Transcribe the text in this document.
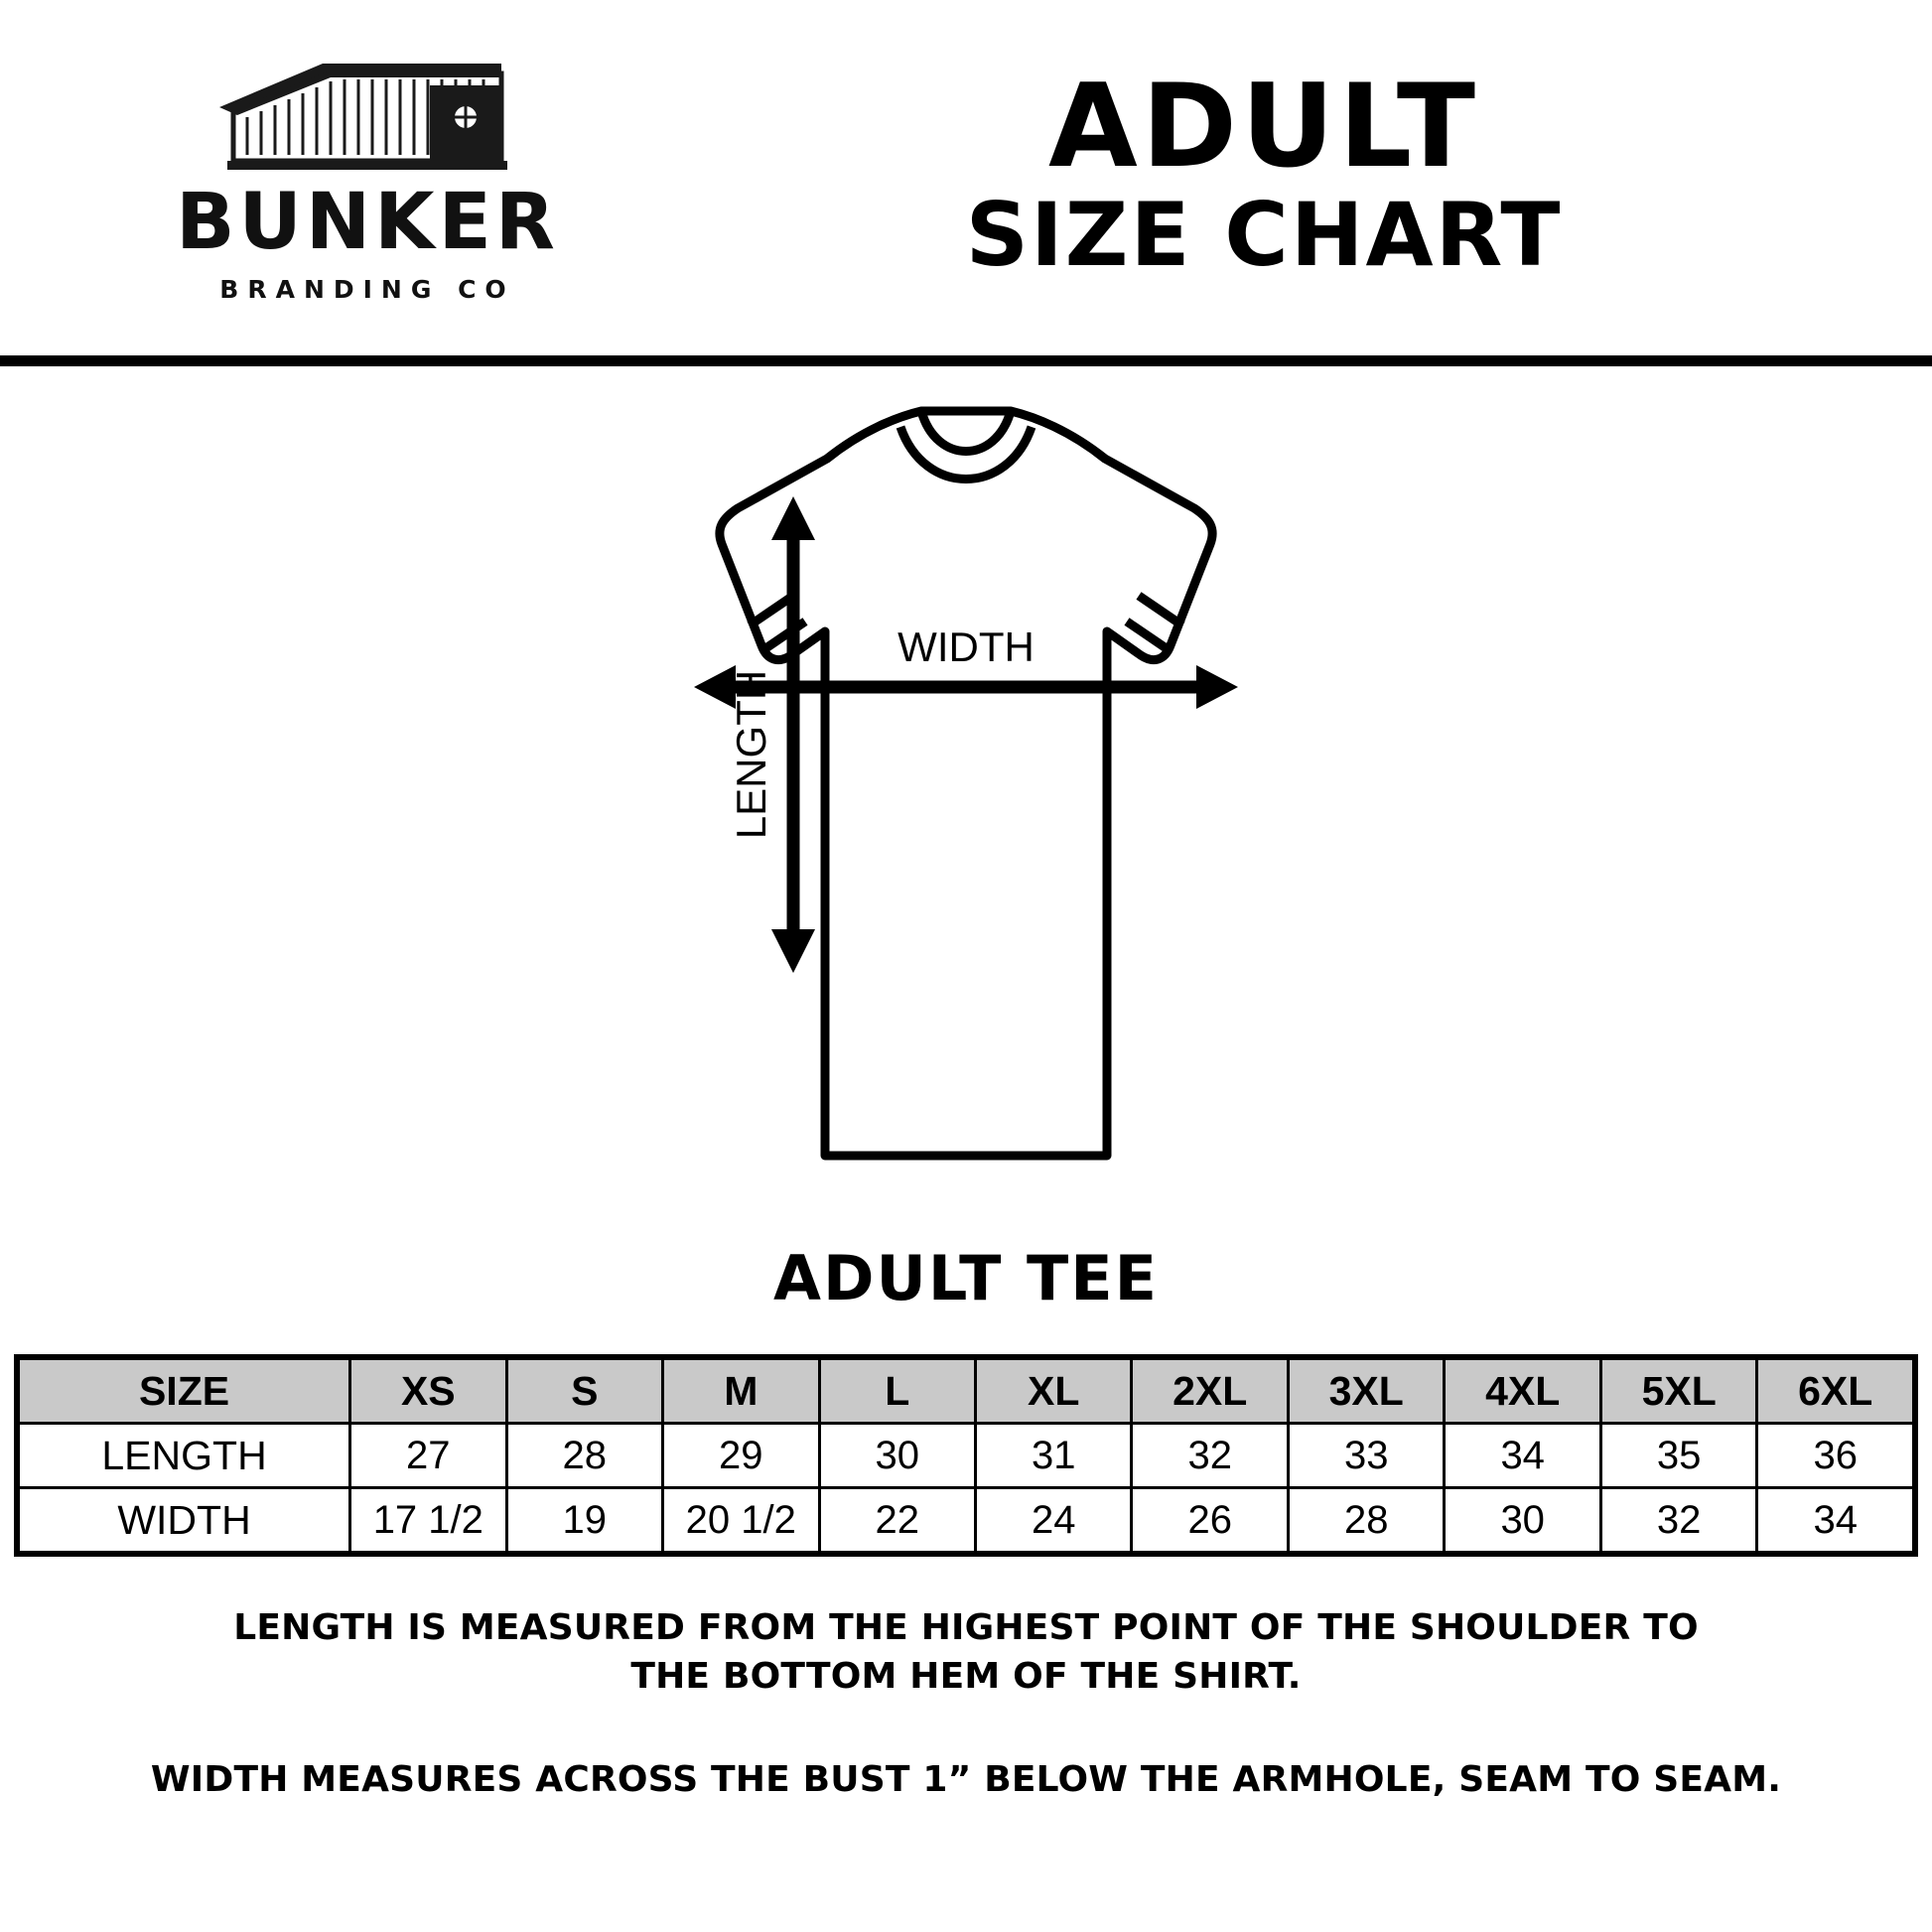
BUNKER
BRANDING CO
ADULT
SIZE CHART
WIDTH
LENGTH
ADULT TEE
SIZE	XS	S	M	L	XL	2XL	3XL	4XL	5XL	6XL
LENGTH	27	28	29	30	31	32	33	34	35	36
WIDTH	17 1/2	19	20 1/2	22	24	26	28	30	32	34
LENGTH IS MEASURED FROM THE HIGHEST POINT OF THE SHOULDER TO
THE BOTTOM HEM OF THE SHIRT.
WIDTH MEASURES ACROSS THE BUST 1” BELOW THE ARMHOLE, SEAM TO SEAM.
